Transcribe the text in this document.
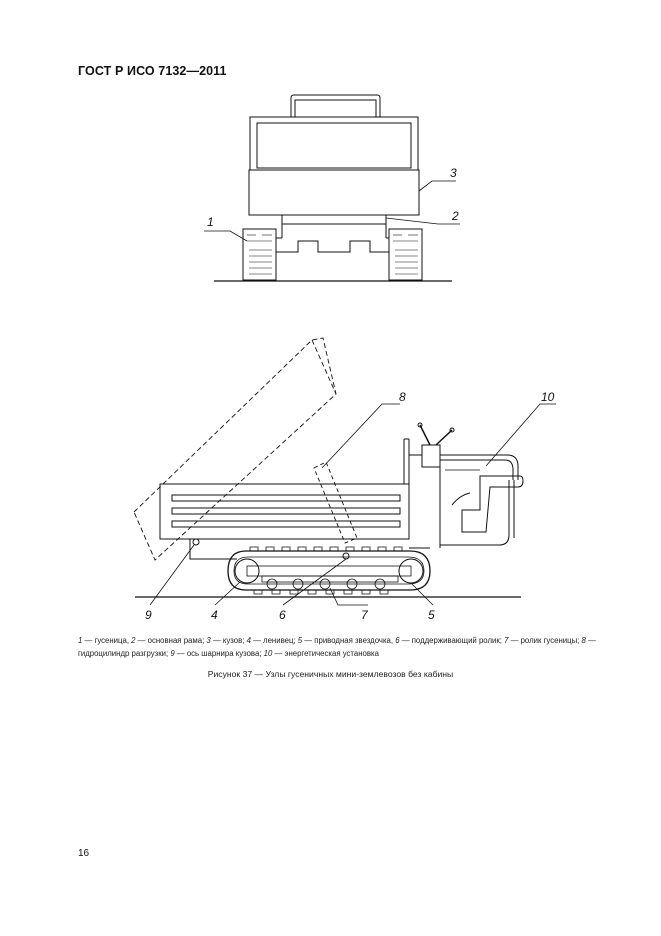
ГОСТ Р ИСО 7132—2011
1
3
2
8	10
9	4	6	7	5
1 — гусеница, 2 — основная рама; 3 — кузов; 4 — ленивец; 5 — приводная звездочка, 6 — поддерживающий ролик; 7 — ролик гусеницы; 8 — гидроцилиндр разгрузки; 9 — ось шарнира кузова; 10 — энергетическая установка
Рисунок 37 — Узлы гусеничных мини-землевозов без кабины
16
